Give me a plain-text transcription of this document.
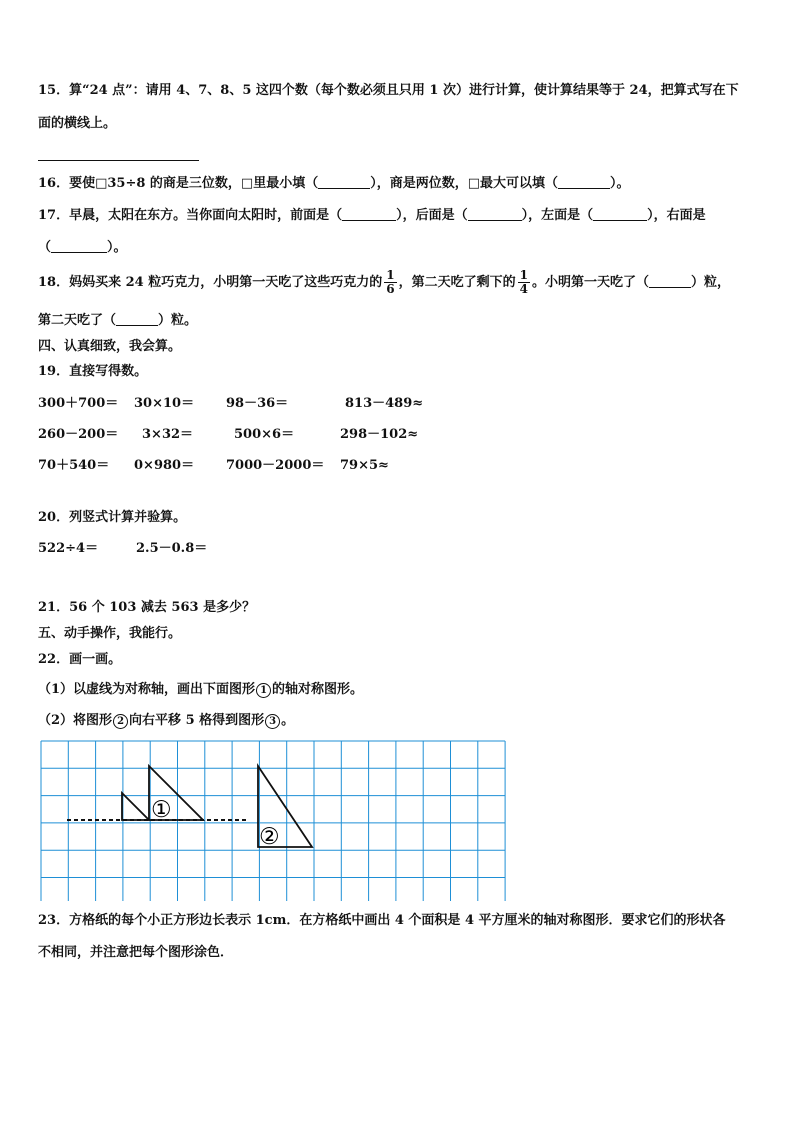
15．算“24 点”：请用 4、7、8、5 这四个数（每个数必须且只用 1 次）进行计算，使计算结果等于 24，把算式写在下
面的横线上。
16．要使□35÷8 的商是三位数，□里最小填（	），商是两位数，□最大可以填（	）。
17．早晨，太阳在东方。当你面向太阳时，前面是（	），后面是（	），左面是（	），右面是
（	）。
18．妈妈买来 24 粒巧克力，小明第一天吃了这些巧克力的 $\frac{1}{6}$ ，第二天吃了剩下的 $\frac{1}{4}$ 。小明第一天吃了（	）粒，
第二天吃了（	）粒。
四、认真细致，我会算。
19．直接写得数。
300＋700＝ 30×10＝ 98－36＝	813－489≈
260－200＝ 3×32＝	500×6＝	298－102≈
70＋540＝ 0×980＝ 7000－2000＝ 79×5≈
20．列竖式计算并验算。
522÷4＝	2.5－0.8＝
21．56 个 103 减去 563 是多少？
五、动手操作，我能行。
22．画一画。
（1）以虚线为对称轴，画出下面图形 1 的轴对称图形。
（2）将图形 2 向右平移 5 格得到图形 3 。
①
②
23．方格纸的每个小正方形边长表示 1cm．在方格纸中画出 4 个面积是 4 平方厘米的轴对称图形．要求它们的形状各
不相同，并注意把每个图形涂色．
